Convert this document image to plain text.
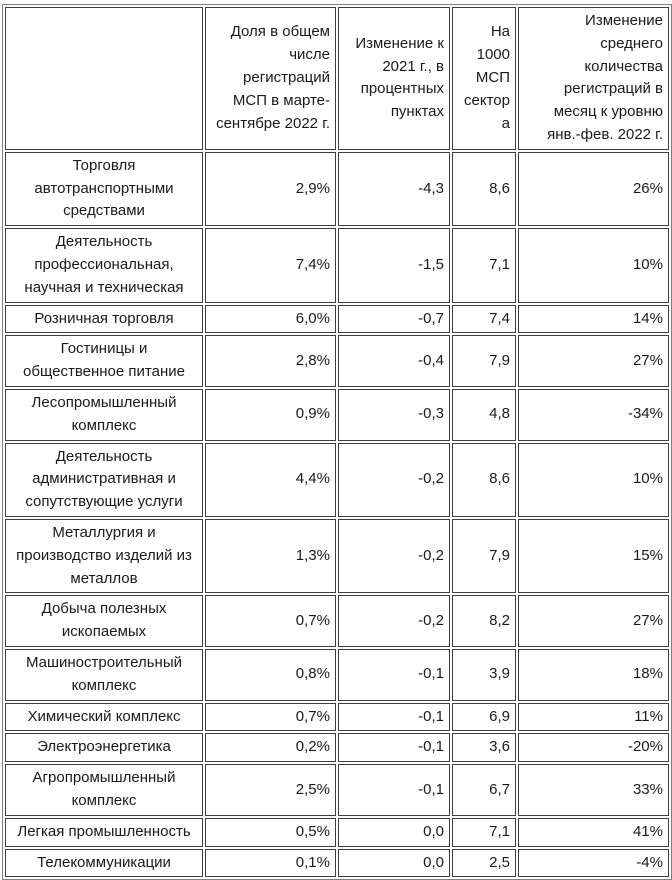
	Доля в общем числе регистраций МСП в марте-сентябре 2022 г.	Изменение к 2021 г., в процентных пунктах	На 1000 МСП сектора	Изменение среднего количества регистраций в месяц к уровню янв.-фев. 2022 г.
Торговля автотранспортными средствами	2,9%	-4,3	8,6	26%
Деятельность профессиональная, научная и техническая	7,4%	-1,5	7,1	10%
Розничная торговля	6,0%	-0,7	7,4	14%
Гостиницы и общественное питание	2,8%	-0,4	7,9	27%
Лесопромышленный комплекс	0,9%	-0,3	4,8	-34%
Деятельность административная и сопутствующие услуги	4,4%	-0,2	8,6	10%
Металлургия и производство изделий из металлов	1,3%	-0,2	7,9	15%
Добыча полезных ископаемых	0,7%	-0,2	8,2	27%
Машиностроительный комплекс	0,8%	-0,1	3,9	18%
Химический комплекс	0,7%	-0,1	6,9	11%
Электроэнергетика	0,2%	-0,1	3,6	-20%
Агропромышленный комплекс	2,5%	-0,1	6,7	33%
Легкая промышленность	0,5%	0,0	7,1	41%
Телекоммуникации	0,1%	0,0	2,5	-4%
